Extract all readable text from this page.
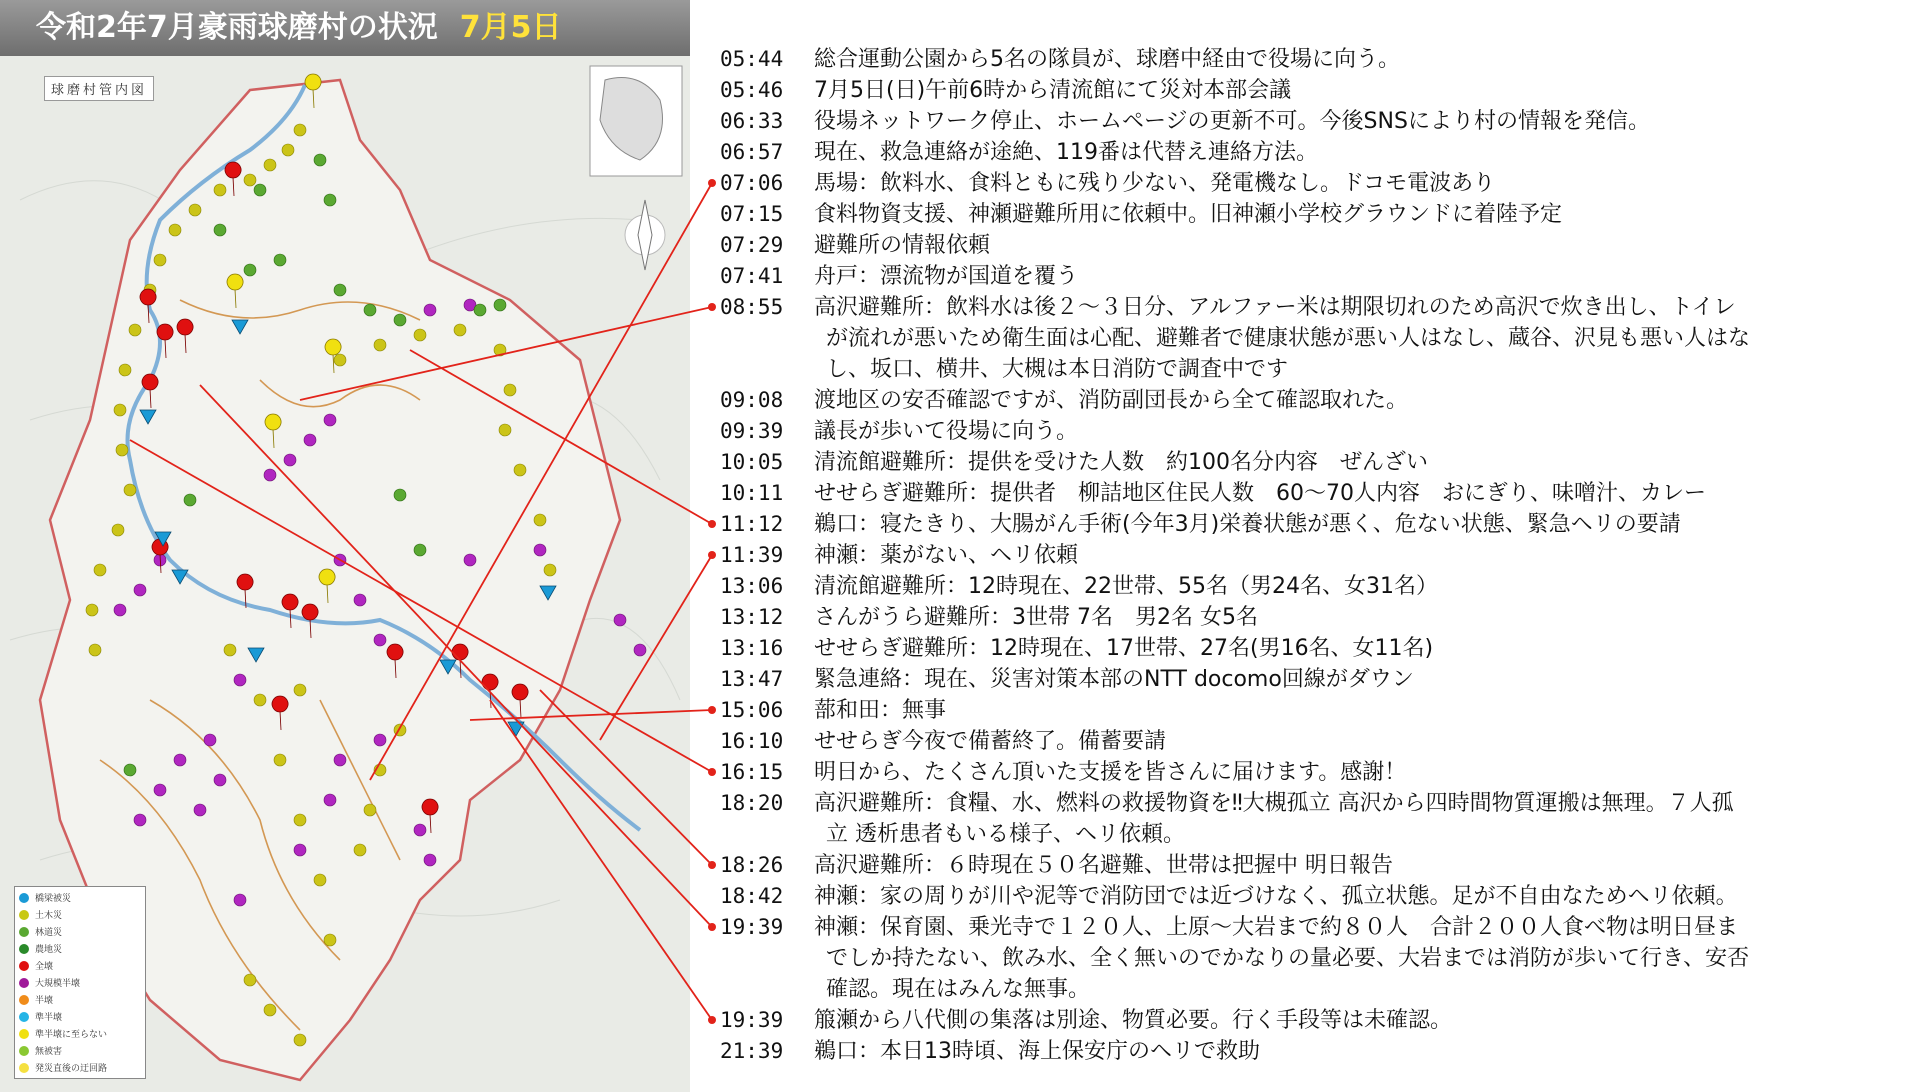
令和2年7月豪雨球磨村の状況 7月5日
球磨村管内図
橋梁被災
土木災
林道災
農地災
全壊
大規模半壊
半壊
準半壊
準半壊に至らない
無被害
発災直後の迂回路
05:44	総合運動公園から5名の隊員が、球磨中経由で役場に向う。
05:46	7月5日(日)午前6時から清流館にて災対本部会議
06:33	役場ネットワーク停止、ホームページの更新不可。今後SNSにより村の情報を発信。
06:57	現在、救急連絡が途絶、119番は代替え連絡方法。
07:06	馬場：飲料水、食料ともに残り少ない、発電機なし。ドコモ電波あり
07:15	食料物資支援、神瀬避難所用に依頼中。旧神瀬小学校グラウンドに着陸予定
07:29	避難所の情報依頼
07:41	舟戸：漂流物が国道を覆う
08:55	高沢避難所：飲料水は後２～３日分、アルファー米は期限切れのため高沢で炊き出し、トイレ
が流れが悪いため衛生面は心配、避難者で健康状態が悪い人はなし、蔵谷、沢見も悪い人はな
し、坂口、横井、大槻は本日消防で調査中です
09:08	渡地区の安否確認ですが、消防副団長から全て確認取れた。
09:39	議長が歩いて役場に向う。
10:05	清流館避難所：提供を受けた人数　約100名分内容　ぜんざい
10:11	せせらぎ避難所：提供者　柳詰地区住民人数　60～70人内容　おにぎり、味噌汁、カレー
11:12	鵜口：寝たきり、大腸がん手術(今年3月)栄養状態が悪く、危ない状態、緊急ヘリの要請
11:39	神瀬：薬がない、ヘリ依頼
13:06	清流館避難所：12時現在、22世帯、55名（男24名、女31名）
13:12	さんがうら避難所：3世帯 7名　男2名 女5名
13:16	せせらぎ避難所：12時現在、17世帯、27名(男16名、女11名)
13:47	緊急連絡：現在、災害対策本部のNTT docomo回線がダウン
15:06	蔀和田：無事
16:10	せせらぎ今夜で備蓄終了。備蓄要請
16:15	明日から、たくさん頂いた支援を皆さんに届けます。感謝！
18:20	高沢避難所：食糧、水、燃料の救援物資を‼大槻孤立 高沢から四時間物質運搬は無理。７人孤
立 透析患者もいる様子、ヘリ依頼。
18:26	高沢避難所：６時現在５０名避難、世帯は把握中 明日報告
18:42	神瀬：家の周りが川や泥等で消防団では近づけなく、孤立状態。足が不自由なためヘリ依頼。
19:39	神瀬：保育園、乗光寺で１２０人、上原～大岩まで約８０人　合計２００人食べ物は明日昼ま
でしか持たない、飲み水、全く無いのでかなりの量必要、大岩までは消防が歩いて行き、安否
確認。現在はみんな無事。
19:39	箙瀬から八代側の集落は別途、物質必要。行く手段等は未確認。
21:39	鵜口：本日13時頃、海上保安庁のヘリで救助
